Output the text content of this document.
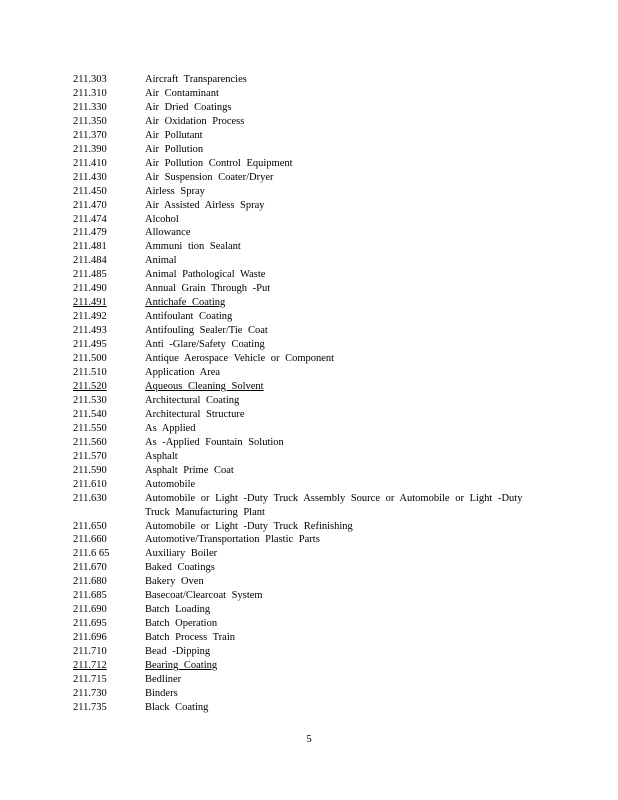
211.303	Aircraft Transparencies
211.310	Air Contaminant
211.330	Air Dried Coatings
211.350	Air Oxidation Process
211.370	Air Pollutant
211.390	Air Pollution
211.410	Air Pollution Control Equipment
211.430	Air Suspension Coater/Dryer
211.450	Airless Spray
211.470	Air Assisted Airless Spray
211.474	Alcohol
211.479	Allowance
211.481	Ammuni tion Sealant
211.484	Animal
211.485	Animal Pathological Waste
211.490	Annual Grain Through -Put
211.491	Antichafe Coating
211.492	Antifoulant Coating
211.493	Antifouling Sealer/Tie Coat
211.495	Anti -Glare/Safety Coating
211.500	Antique Aerospace Vehicle or Component
211.510	Application Area
211.520	Aqueous Cleaning Solvent
211.530	Architectural Coating
211.540	Architectural Structure
211.550	As Applied
211.560	As -Applied Fountain Solution
211.570	Asphalt
211.590	Asphalt Prime Coat
211.610	Automobile
211.630	Automobile or Light -Duty Truck Assembly Source or Automobile or Light -Duty Truck Manufacturing Plant
211.650	Automobile or Light -Duty Truck Refinishing
211.660	Automotive/Transportation Plastic Parts
211.6 65	Auxiliary Boiler
211.670	Baked Coatings
211.680	Bakery Oven
211.685	Basecoat/Clearcoat System
211.690	Batch Loading
211.695	Batch Operation
211.696	Batch Process Train
211.710	Bead -Dipping
211.712	Bearing Coating
211.715	Bedliner
211.730	Binders
211.735	Black Coating
5
